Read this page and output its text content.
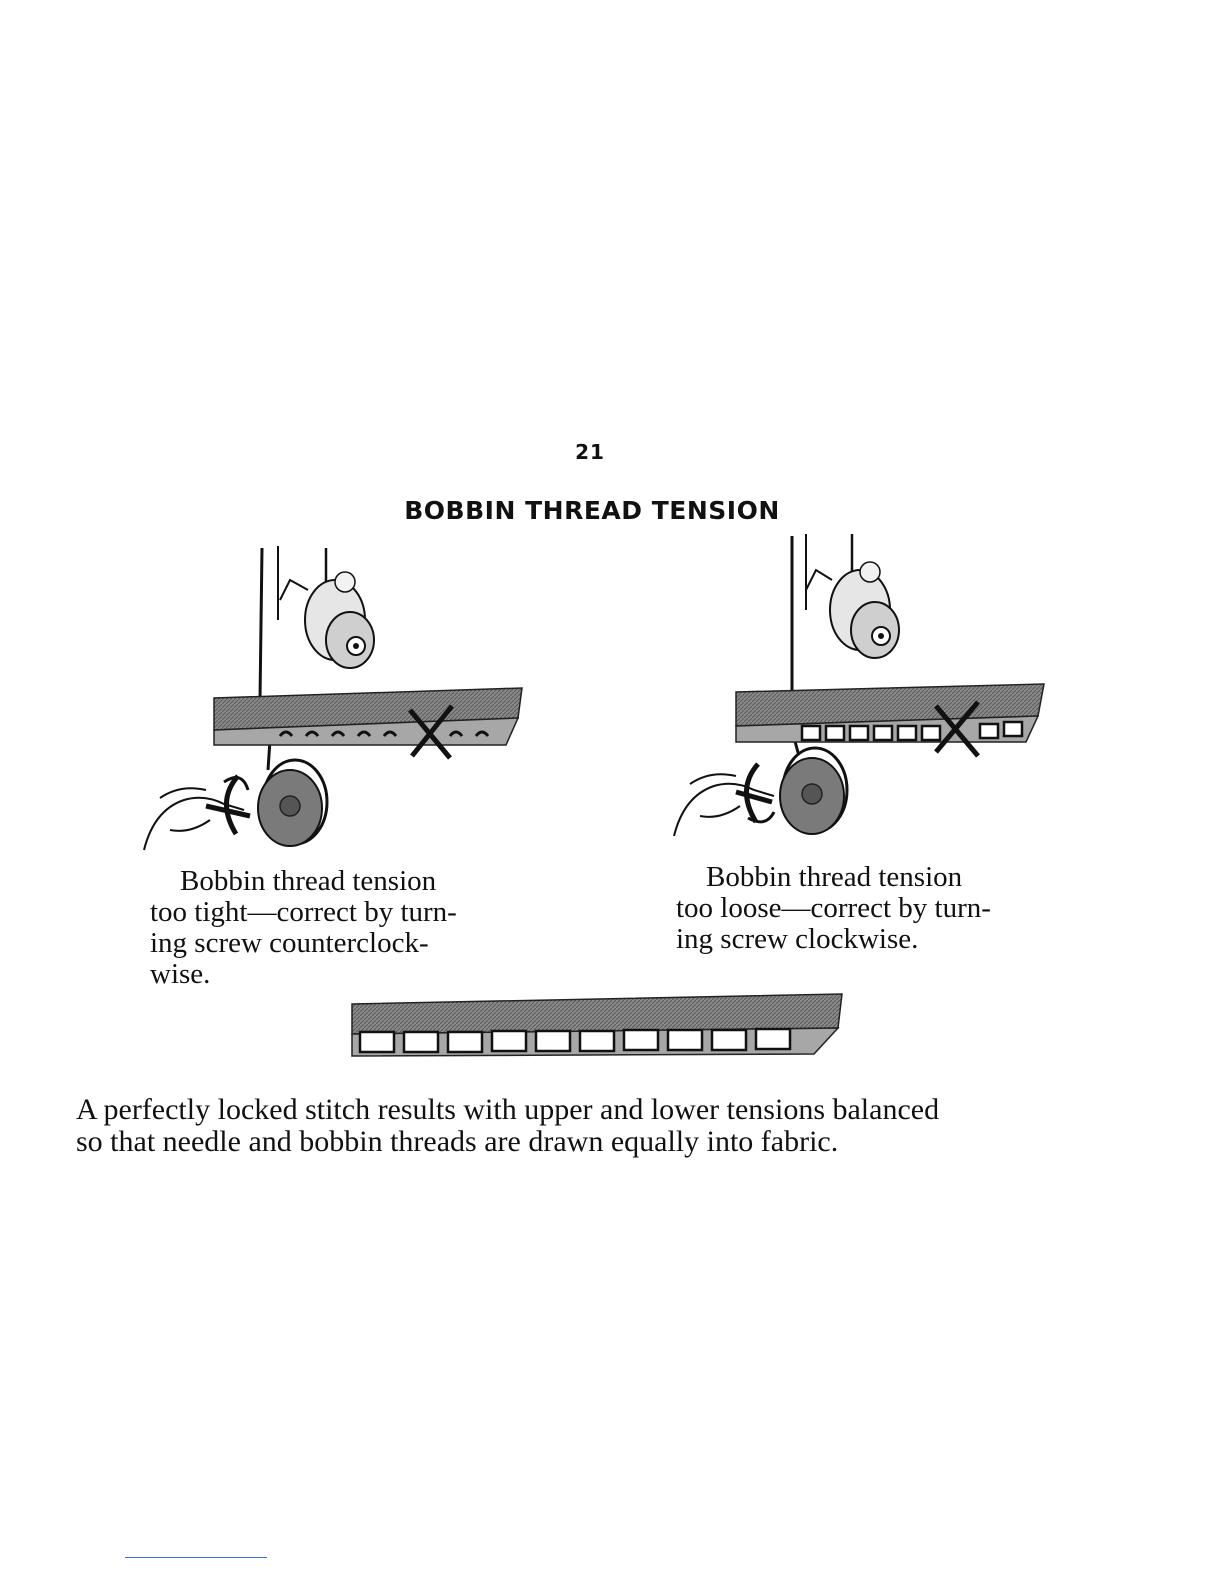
21
BOBBIN THREAD TENSION
Bobbin thread tension
too tight—correct by turn-
ing screw counterclock-
wise.
Bobbin thread tension
too loose—correct by turn-
ing screw clockwise.
A perfectly locked stitch results with upper and lower tensions balanced
so that needle and bobbin threads are drawn equally into fabric.
